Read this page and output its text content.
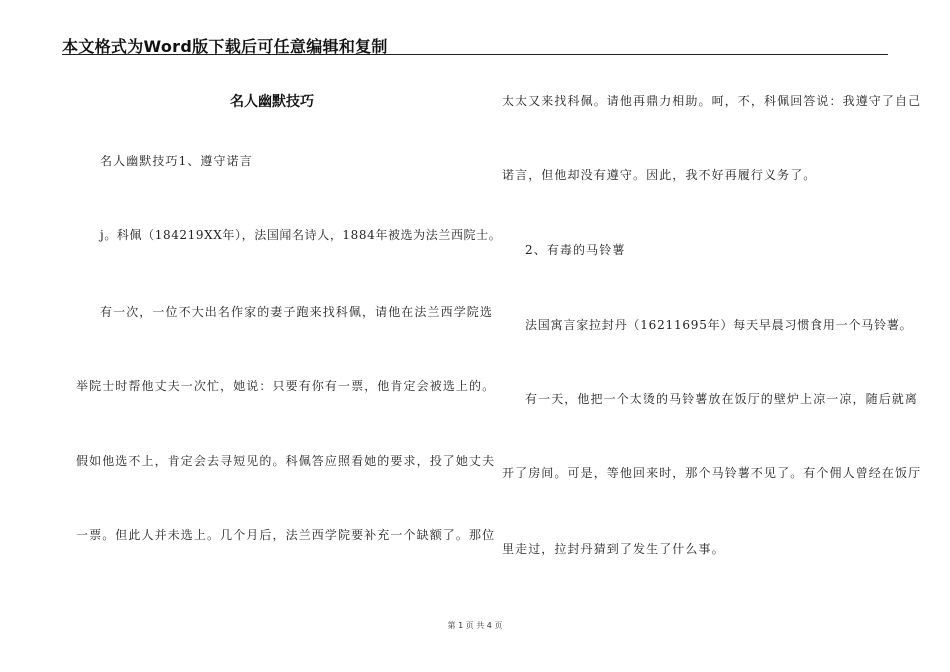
本文格式为Word版下载后可任意编辑和复制
名人幽默技巧
名人幽默技巧1、遵守诺言
j。科佩（184219XX年），法国闻名诗人，1884年被选为法兰西院士。
有一次，一位不大出名作家的妻子跑来找科佩，请他在法兰西学院选
举院士时帮他丈夫一次忙，她说：只要有你有一票，他肯定会被选上的。
假如他选不上，肯定会去寻短见的。科佩答应照看她的要求，投了她丈夫
一票。但此人并未选上。几个月后，法兰西学院要补充一个缺额了。那位
太太又来找科佩。请他再鼎力相助。呵，不，科佩回答说：我遵守了自己
诺言，但他却没有遵守。因此，我不好再履行义务了。
2、有毒的马铃薯
法国寓言家拉封丹（16211695年）每天早晨习惯食用一个马铃薯。
有一天，他把一个太烫的马铃薯放在饭厅的壁炉上凉一凉，随后就离
开了房间。可是，等他回来时，那个马铃薯不见了。有个佣人曾经在饭厅
里走过，拉封丹猜到了发生了什么事。
第 1 页 共 4 页
